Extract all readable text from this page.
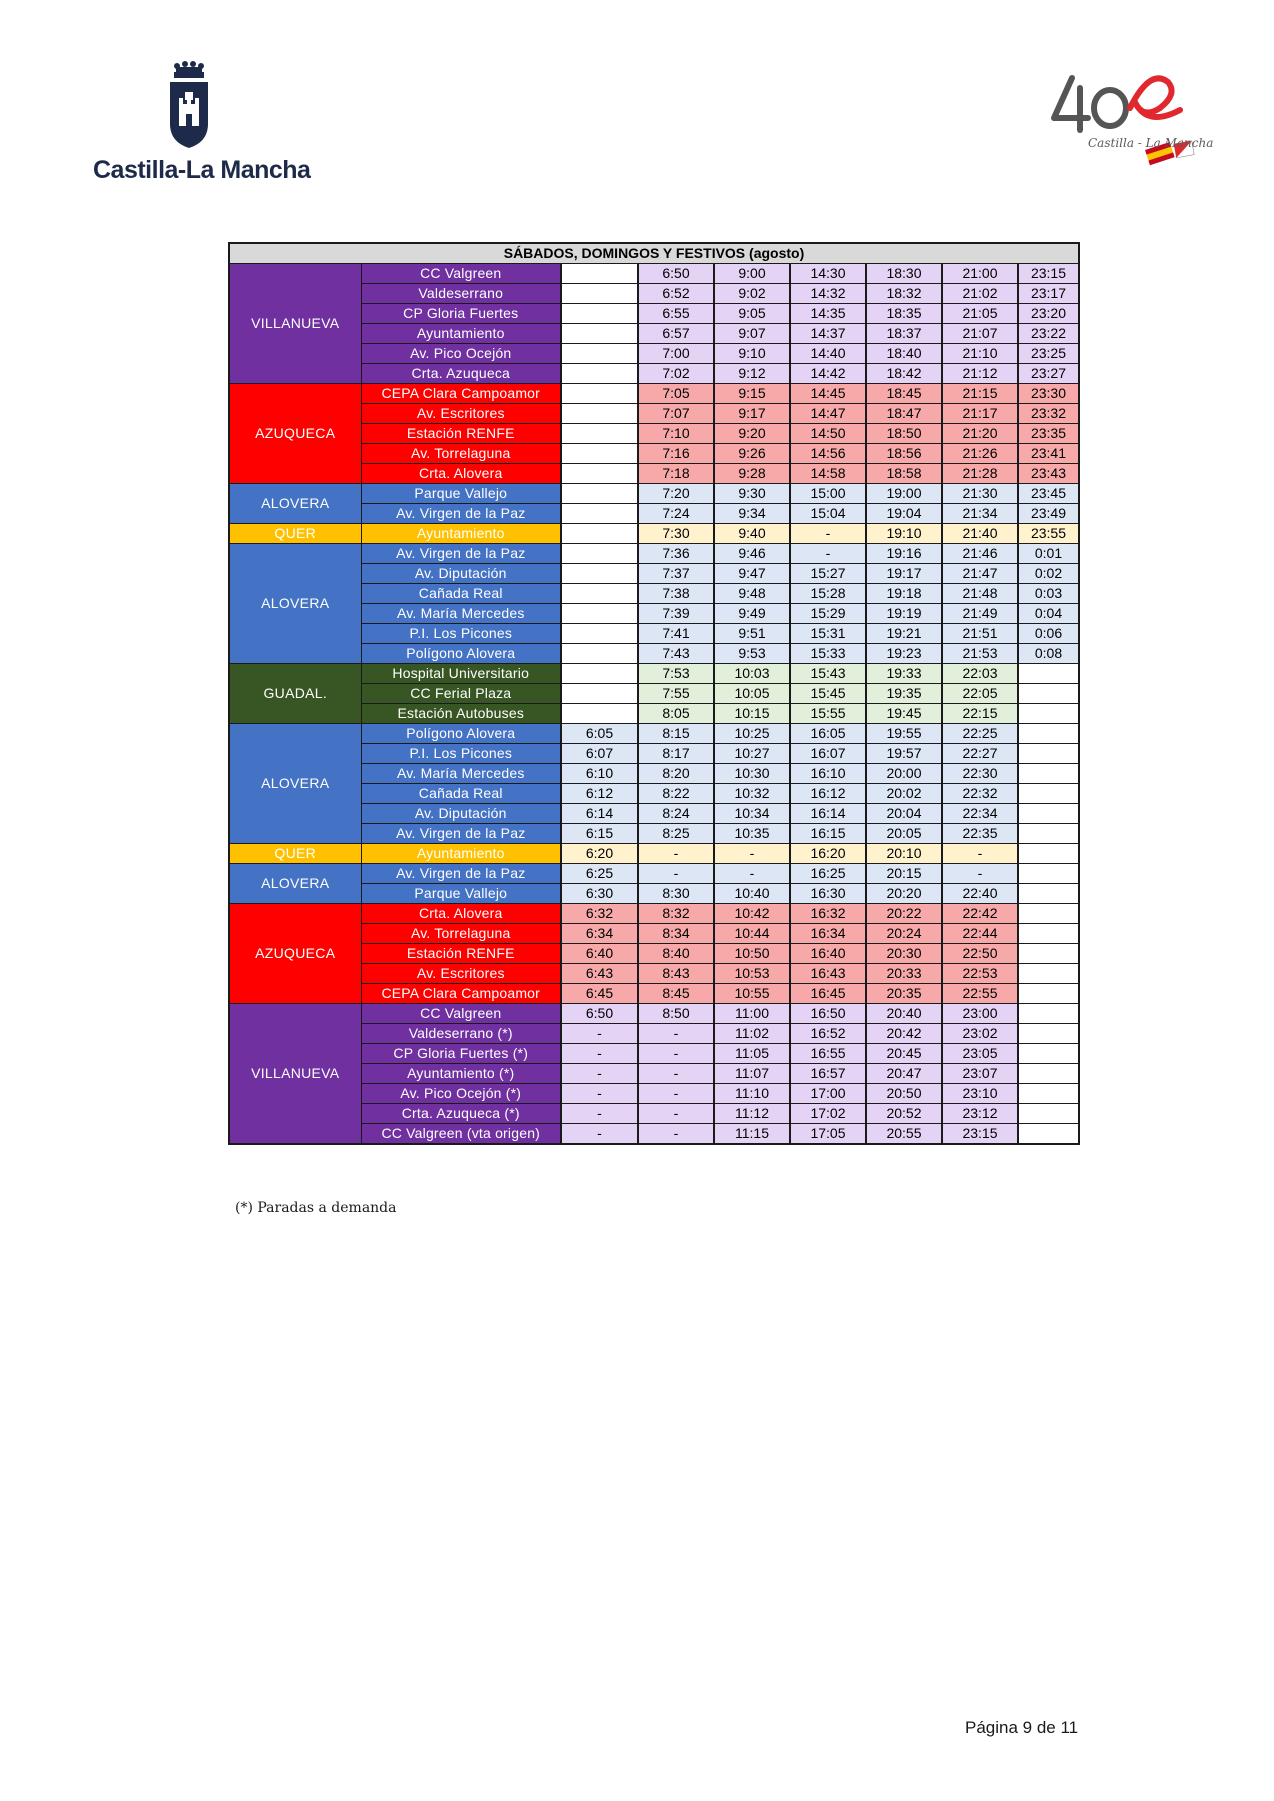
Castilla-La Mancha
Castilla - La Mancha
SÁBADOS, DOMINGOS Y FESTIVOS (agosto)								
VILLANUEVA	CC Valgreen		6:50	9:00	14:30	18:30	21:00	23:15
	Valdeserrano		6:52	9:02	14:32	18:32	21:02	23:17
	CP Gloria Fuertes		6:55	9:05	14:35	18:35	21:05	23:20
	Ayuntamiento		6:57	9:07	14:37	18:37	21:07	23:22
	Av. Pico Ocejón		7:00	9:10	14:40	18:40	21:10	23:25
	Crta. Azuqueca		7:02	9:12	14:42	18:42	21:12	23:27
AZUQUECA	CEPA Clara Campoamor		7:05	9:15	14:45	18:45	21:15	23:30
	Av. Escritores		7:07	9:17	14:47	18:47	21:17	23:32
	Estación RENFE		7:10	9:20	14:50	18:50	21:20	23:35
	Av. Torrelaguna		7:16	9:26	14:56	18:56	21:26	23:41
	Crta. Alovera		7:18	9:28	14:58	18:58	21:28	23:43
ALOVERA	Parque Vallejo		7:20	9:30	15:00	19:00	21:30	23:45
	Av. Virgen de la Paz		7:24	9:34	15:04	19:04	21:34	23:49
QUER	Ayuntamiento		7:30	9:40	-	19:10	21:40	23:55
ALOVERA	Av. Virgen de la Paz		7:36	9:46	-	19:16	21:46	0:01
	Av. Diputación		7:37	9:47	15:27	19:17	21:47	0:02
	Cañada Real		7:38	9:48	15:28	19:18	21:48	0:03
	Av. María Mercedes		7:39	9:49	15:29	19:19	21:49	0:04
	P.I. Los Picones		7:41	9:51	15:31	19:21	21:51	0:06
	Polígono Alovera		7:43	9:53	15:33	19:23	21:53	0:08
GUADAL.	Hospital Universitario		7:53	10:03	15:43	19:33	22:03	
	CC Ferial Plaza		7:55	10:05	15:45	19:35	22:05	
	Estación Autobuses		8:05	10:15	15:55	19:45	22:15	
ALOVERA	Polígono Alovera	6:05	8:15	10:25	16:05	19:55	22:25	
	P.I. Los Picones	6:07	8:17	10:27	16:07	19:57	22:27	
	Av. María Mercedes	6:10	8:20	10:30	16:10	20:00	22:30	
	Cañada Real	6:12	8:22	10:32	16:12	20:02	22:32	
	Av. Diputación	6:14	8:24	10:34	16:14	20:04	22:34	
	Av. Virgen de la Paz	6:15	8:25	10:35	16:15	20:05	22:35	
QUER	Ayuntamiento	6:20	-	-	16:20	20:10	-	
ALOVERA	Av. Virgen de la Paz	6:25	-	-	16:25	20:15	-	
	Parque Vallejo	6:30	8:30	10:40	16:30	20:20	22:40	
AZUQUECA	Crta. Alovera	6:32	8:32	10:42	16:32	20:22	22:42	
	Av. Torrelaguna	6:34	8:34	10:44	16:34	20:24	22:44	
	Estación RENFE	6:40	8:40	10:50	16:40	20:30	22:50	
	Av. Escritores	6:43	8:43	10:53	16:43	20:33	22:53	
	CEPA Clara Campoamor	6:45	8:45	10:55	16:45	20:35	22:55	
VILLANUEVA	CC Valgreen	6:50	8:50	11:00	16:50	20:40	23:00	
	Valdeserrano (*)	-	-	11:02	16:52	20:42	23:02	
	CP Gloria Fuertes (*)	-	-	11:05	16:55	20:45	23:05	
	Ayuntamiento (*)	-	-	11:07	16:57	20:47	23:07	
	Av. Pico Ocejón (*)	-	-	11:10	17:00	20:50	23:10	
	Crta. Azuqueca (*)	-	-	11:12	17:02	20:52	23:12	
	CC Valgreen (vta origen)	-	-	11:15	17:05	20:55	23:15	
(*) Paradas a demanda
Página 9 de 11
